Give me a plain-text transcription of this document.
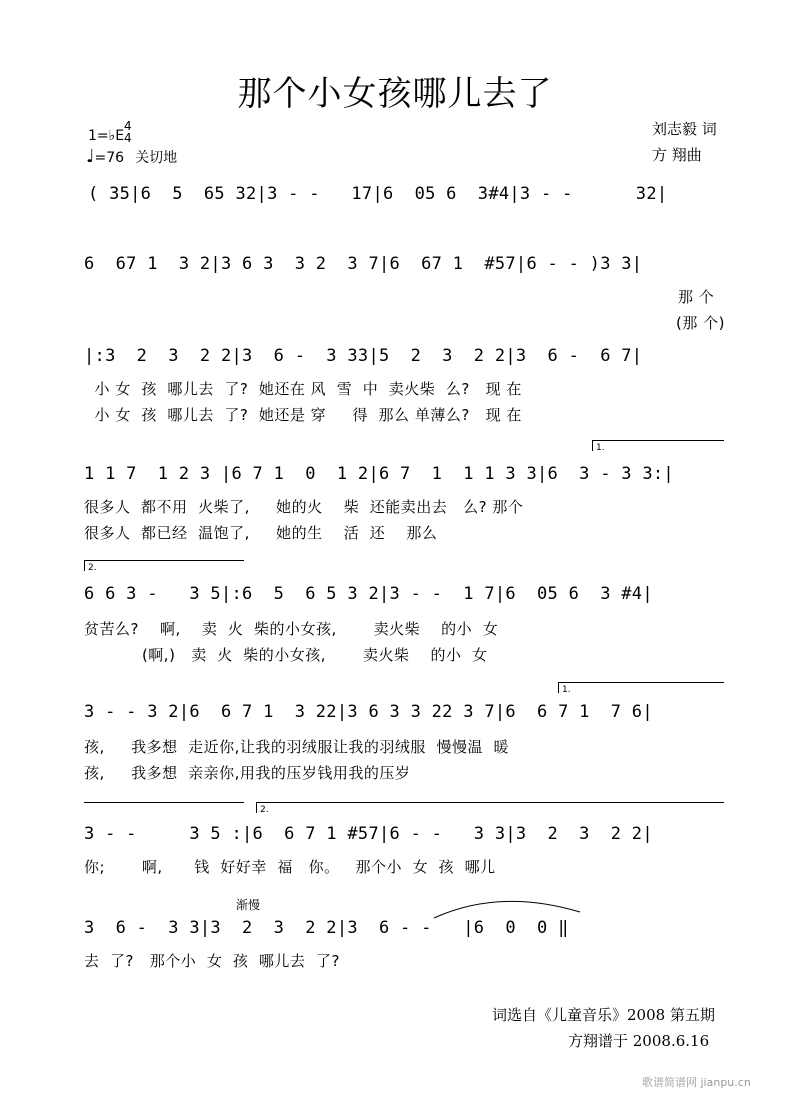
那个小女孩哪儿去了
1=♭E
4
4
♩=76 关切地
刘志毅 词
方 翔曲
( 35|6  5  65 32|3 - -   17|6  05 6  3#4|3 - -      32|
6  67 1  3 2|3 6 3  3 2  3 7|6  67 1  #57|6 - - )3 3|
那 个
(那 个)
|:3  2  3  2 2|3  6 -  3 33|5  2  3  2 2|3  6 -  6 7|
小 女  孩  哪儿去  了?  她还在 风  雪  中  卖火柴  么?   现 在
小 女  孩  哪儿去  了?  她还是 穿     得  那么 单薄么?   现 在
1.
1 1 7  1 2 3 |6 7 1  0  1 2|6 7  1  1 1 3 3|6  3 - 3 3:|
很多人  都不用  火柴了,     她的火    柴  还能卖出去   么? 那个
很多人  都已经  温饱了,     她的生    活  还    那么
2.
6 6 3 -   3 5|:6  5  6 5 3 2|3 - -  1 7|6  05 6  3 #4|
贫苦么?    啊,    卖  火  柴的小女孩,       卖火柴    的小  女
(啊,)   卖  火  柴的小女孩,       卖火柴    的小  女
1.
3 - - 3 2|6  6 7 1  3 22|3 6 3 3 22 3 7|6  6 7 1  7 6|
孩,     我多想  走近你,让我的羽绒服让我的羽绒服  慢慢温  暖
孩,     我多想  亲亲你,用我的压岁钱用我的压岁
2.
3 - -     3 5 :|6  6 7 1 #57|6 - -   3 3|3  2  3  2 2|
你;       啊,      钱  好好幸  福   你。   那个小  女  孩  哪儿
渐慢
3  6 -  3 3|3  2  3  2 2|3  6 - -   |6  0  0 ‖
去  了?   那个小  女  孩  哪儿去  了?
词选自《儿童音乐》2008 第五期
方翔谱于 2008.6.16
歌谱简谱网 jianpu.cn
